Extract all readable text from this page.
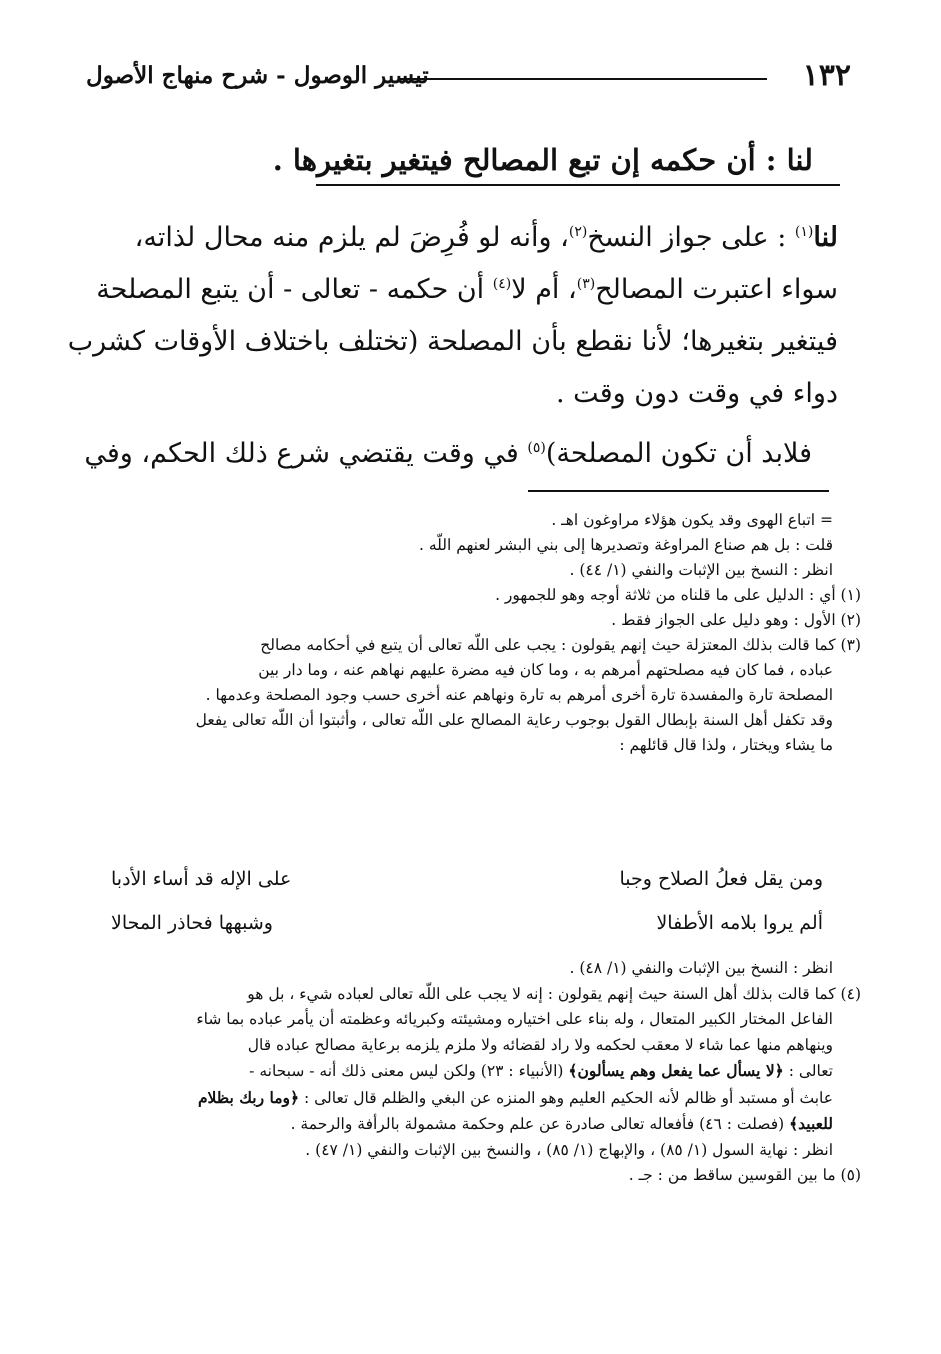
١٣٢
تيسير الوصول - شرح منهاج الأصول
لنا : أن حكمه إن تبع المصالح فيتغير بتغيرها .

لنا$^{(١)}$ : على جواز النسخ$^{(٢)}$، وأنه لو فُرِضَ لم يلزم منه محال لذاته،

سواء اعتبرت المصالح$^{(٣)}$، أم لا$^{(٤)}$ أن حكمه - تعالى - أن يتبع المصلحة

فيتغير بتغيرها؛ لأنا نقطع بأن المصلحة (تختلف باختلاف الأوقات كشرب

دواء في وقت دون وقت .

فلابد أن تكون المصلحة)$^{(٥)}$ في وقت يقتضي شرع ذلك الحكم، وفي

= اتباع الهوى وقد يكون هؤلاء مراوغون اهـ .

قلت : بل هم صناع المراوغة وتصديرها إلى بني البشر لعنهم اللّه .

انظر : النسخ بين الإثبات والنفي (١/ ٤٤) .

(١) أي : الدليل على ما قلناه من ثلاثة أوجه وهو للجمهور .

(٢) الأول : وهو دليل على الجواز فقط .

(٣) كما قالت بذلك المعتزلة حيث إنهم يقولون : يجب على اللّه تعالى أن يتبع في أحكامه مصالح

عباده ، فما كان فيه مصلحتهم أمرهم به ، وما كان فيه مضرة عليهم نهاهم عنه ، وما دار بين

المصلحة تارة والمفسدة تارة أخرى أمرهم به تارة ونهاهم عنه أخرى حسب وجود المصلحة وعدمها .

وقد تكفل أهل السنة بإبطال القول بوجوب رعاية المصالح على اللّه تعالى ، وأثبتوا أن اللّه تعالى يفعل

ما يشاء ويختار ، ولذا قال قائلهم :

ومن يقل فعلُ الصلاح وجبا
على الإله قد أساء الأدبا
ألم يروا بلامه الأطفالا
وشبهها فحاذر المحالا

انظر : النسخ بين الإثبات والنفي (١/ ٤٨) .

(٤) كما قالت بذلك أهل السنة حيث إنهم يقولون : إنه لا يجب على اللّه تعالى لعباده شيء ، بل هو

الفاعل المختار الكبير المتعال ، وله بناء على اختياره ومشيئته وكبريائه وعظمته أن يأمر عباده بما شاء

وينهاهم منها عما شاء لا معقب لحكمه ولا راد لقضائه ولا ملزم يلزمه برعاية مصالح عباده قال

تعالى : ﴿لا يسأل عما يفعل وهم يسألون﴾ (الأنبياء : ٢٣) ولكن ليس معنى ذلك أنه - سبحانه -

عابث أو مستبد أو ظالم لأنه الحكيم العليم وهو المنزه عن البغي والظلم قال تعالى : ﴿وما ربك بظلام

للعبيد﴾ (فصلت : ٤٦) فأفعاله تعالى صادرة عن علم وحكمة مشمولة بالرأفة والرحمة .

انظر : نهاية السول (١/ ٨٥) ، والإبهاج (١/ ٨٥) ، والنسخ بين الإثبات والنفي (١/ ٤٧) .

(٥) ما بين القوسين ساقط من : جـ .
